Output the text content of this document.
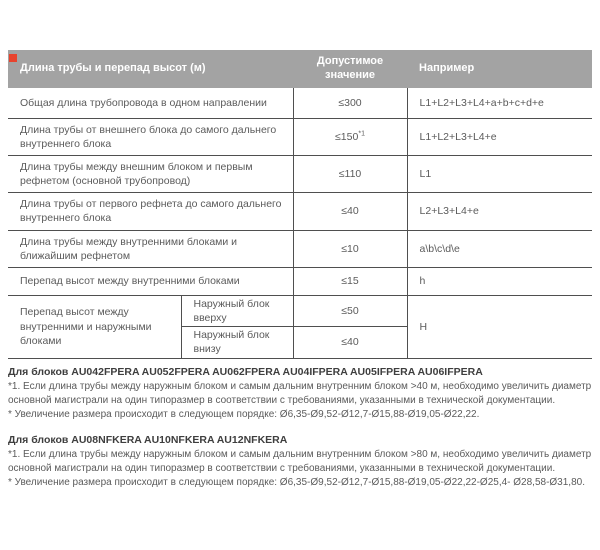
Длина трубы и перепад высот (м)		Допустимое значение	Например
Общая длина трубопровода в одном направлении		≤300	L1+L2+L3+L4+a+b+c+d+e
Длина трубы от внешнего блока до самого дальнего внутреннего блока		$\le 150^{*1}$	L1+L2+L3+L4+e
Длина трубы между внешним блоком и первым рефнетом (основной трубопровод)		≤110	L1
Длина трубы от первого рефнета до самого дальнего внутреннего блока		≤40	L2+L3+L4+e
Длина трубы между внутренними блоками и ближайшим рефнетом		≤10	a\b\c\d\e
Перепад высот между внутренними блоками		≤15	h
Перепад высот между внутренними и наружными блоками	Наружный блок вверху	≤50	H
	Наружный блок внизу	≤40	

Для блоков AU042FPERA AU052FPERA AU062FPERA AU04IFPERA AU05IFPERA AU06IFPERA

*1. Если длина трубы между наружным блоком и самым дальним внутренним блоком >40 м, необходимо увеличить диаметр основной магистрали на один типоразмер в соответствии с требованиями, указанными в технической документации.

* Увеличение размера происходит в следующем порядке: Ø6,35-Ø9,52-Ø12,7-Ø15,88-Ø19,05-Ø22,22.

Для блоков AU08NFKERA AU10NFKERA AU12NFKERA

*1. Если длина трубы между наружным блоком и самым дальним внутренним блоком >80 м, необходимо увеличить диаметр основной магистрали на один типоразмер в соответствии с требованиями, указанными в технической документации.

* Увеличение размера происходит в следующем порядке: Ø6,35-Ø9,52-Ø12,7-Ø15,88-Ø19,05-Ø22,22-Ø25,4- Ø28,58-Ø31,80.
